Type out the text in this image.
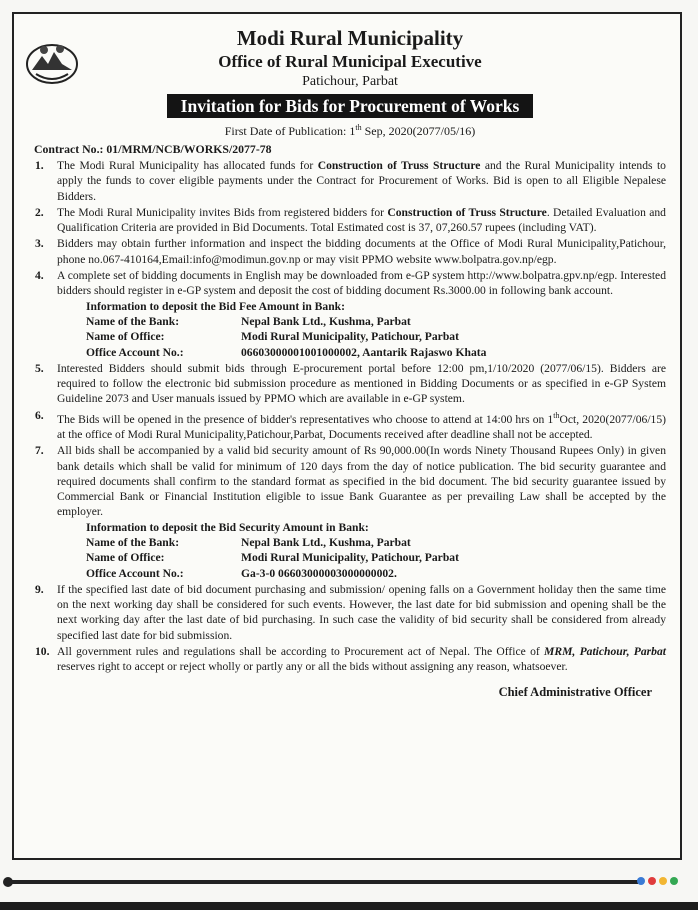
Modi Rural Municipality
Office of Rural Municipal Executive
Patichour, Parbat
Invitation for Bids for Procurement of Works
First Date of Publication: 1th Sep, 2020(2077/05/16)
Contract No.: 01/MRM/NCB/WORKS/2077-78
1. The Modi Rural Municipality has allocated funds for Construction of Truss Structure and the Rural Municipality intends to apply the funds to cover eligible payments under the Contract for Procurement of Works. Bid is open to all Eligible Nepalese Bidders.
2. The Modi Rural Municipality invites Bids from registered bidders for Construction of Truss Structure. Detailed Evaluation and Qualification Criteria are provided in Bid Documents. Total Estimated cost is 37, 07,260.57 rupees (including VAT).
3. Bidders may obtain further information and inspect the bidding documents at the Office of Modi Rural Municipality,Patichour, phone no.067-410164,Email:info@modimun.gov.np or may visit PPMO website www.bolpatra.gov.np/egp.
4. A complete set of bidding documents in English may be downloaded from e-GP system http://www.bolpatra.gpv.np/egp. Interested bidders should register in e-GP system and deposit the cost of bidding document Rs.3000.00 in following bank account.
Information to deposit the Bid Fee Amount in Bank:
Name of the Bank:	Nepal Bank Ltd., Kushma, Parbat
Name of Office:	Modi Rural Municipality, Patichour, Parbat
Office Account No.:	06603000001001000002, Aantarik Rajaswo Khata
5. Interested Bidders should submit bids through E-procurement portal before 12:00 pm,1/10/2020 (2077/06/15). Bidders are required to follow the electronic bid submission procedure as mentioned in Bidding Documents or as specified in e-GP System Guideline 2073 and User manuals issued by PPMO which are available in e-GP system.
6. The Bids will be opened in the presence of bidder's representatives who choose to attend at 14:00 hrs on 1thOct, 2020(2077/06/15) at the office of Modi Rural Municipality,Patichour,Parbat, Documents received after deadline shall not be accepted.
7. All bids shall be accompanied by a valid bid security amount of Rs 90,000.00(In words Ninety Thousand Rupees Only) in given bank details which shall be valid for minimum of 120 days from the day of notice publication. The bid security guarantee and required documents shall confirm to the standard format as specified in the bid document. The bid security guarantee issued by Commercial Bank or Financial Institution eligible to issue Bank Guarantee as per prevailing Law shall be accepted by the employer.
Information to deposit the Bid Security Amount in Bank:
Name of the Bank:	Nepal Bank Ltd., Kushma, Parbat
Name of Office:	Modi Rural Municipality, Patichour, Parbat
Office Account No.:	Ga-3-0 06603000003000000002.
9. If the specified last date of bid document purchasing and submission/ opening falls on a Government holiday then the same time on the next working day shall be considered for such events. However, the last date for bid submission and opening shall be the next working day after the last date of bid purchasing. In such case the validity of bid security shall be considered from already specified last date for bid submission.
10. All government rules and regulations shall be according to Procurement act of Nepal. The Office of MRM, Patichour, Parbat reserves right to accept or reject wholly or partly any or all the bids without assigning any reason, whatsoever.
Chief Administrative Officer
